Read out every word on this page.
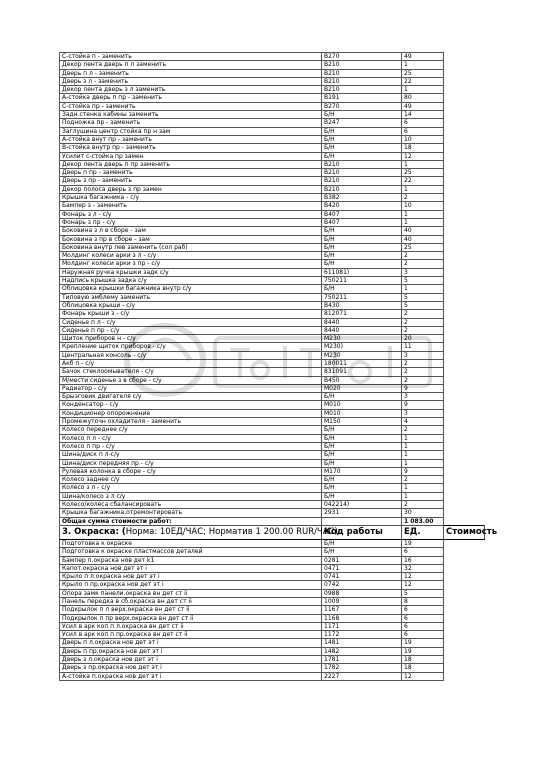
С-стойка п - заменить	B270	49	
Декор лента дверь п л заменить	B210	1	
Дверь п л - заменить	B210	25	
Дверь з л - заменить	B210	22	
Декор лента дверь з л заменить	B210	1	
А-стойка дверь п пр - заменить	B191	80	
С-стойка пр - заменить	B270	49	
Задн.стенка кабины заменить	Б/Н	14	
Подножка пр - заменить	B247	6	
Заглушина центр стойка пр н зам	Б/Н	6	
А-стойка внут пр - заменить	Б/Н	10	
В-стойка внутр пр - заменить	Б/Н	18	
Усилит с-стойка пр замен	Б/Н	12	
Декор лента дверь п пр заменить	B210	1	
Дверь п пр - заменить	B210	25	
Дверь з пр - заменить	B210	22	
Декор полоса дверь з пр замен	B210	1	
Крышка багажника - с/у	B382	2	
Бампер з - заменить	B420	10	
Фонарь з л - с/у	B407	1	
Фонарь з пр - с/у	B407	1	
Боковина з л в сборе - зам	Б/Н	40	
Боковина з пр в сборе - зам	Б/Н	40	
Боковина внутр лев заменить (сол раб)	Б/Н	25	
Молдинг колеси арки з л - с/у	Б/Н	2	
Молдинг колеси арки з пр - с/у	Б/Н	2	
Наружная ручка крышки задк с/у	611081)	3	
Надпись крышка задка с/у	750211	5	
Облицовка крышки багажника внутр с/у	Б/Н	1	
Типовую эмблему заменить	750211	5	
Облицовка крыши - с/у	B430	5	
Фонарь крыши з - с/у	812071	2	
Сиденье п л - с/у	8440	2	
Сиденье п пр - с/у	8440	2	
Щиток приборов н - с/у	M230	20	
Крепление щиток приборов - с/у	M230)	11	
Центральная консоль - с/у	M230	3	
Акб п - с/у	180011	2	
Бачок стеклоомывателя - с/у	831091	2	
М/мести сиденье з в сборе - с/у	B450	2	
Радиатор - с/у	M020	9	
Брызговик двигателя с/у	Б/Н	3	
Конденсатор - с/у	M010	9	
Кондиционер опорожнение	M010	3	
Промежуточн охладителя - заменить	M150	4	
Колесо переднее с/у	Б/Н	2	
Колесо п л - с/у	Б/Н	1	
Колесо п пр - с/у	Б/Н	1	
Шина/диск п л-с/у	Б/Н	1	
Шина/диск передняя пр - с/у	Б/Н	1	
Рулевая колонка в сборе - с/у	M170	9	
Колесо заднее с/у	Б/Н	2	
Колесо з л - с/у	Б/Н	1	
Шина/колесо з л с/у	Б/Н	1	
Колесо/колеса сбалансировать	042214)	2	
Крышка багажника.отремонтировать	2931	30	
Общая сумма стоимости работ:		1 083.00	
3. Окраска: (Норма: 10ЕД/ЧАС; Норматив 1 200.00 RUR/ЧАС)	Код работы	ЕД.	Стоимость
Подготовка к окраске	Б/Н	19	
Подготовка к окраске пластмассов деталей	Б/Н	6	
Бампер п.окраска нов дет k1	0281	16	
Капот.окраска нов дет эт i	0471	32	
Крыло п л.окраска нов дет эт i	0741	12	
Крыло п пр.окраска нов дет эт i	0742	12	
Опора замк панели.окраска вн дет ст ii	0988	5	
Панель передка в сб.окраска вн дет ст ii	1009	8	
Подкрылок п л верх.окраска вн дет ст ii	1167	6	
Подкрылок п пр верх.окраска вн дет ст ii	1168	6	
Усил в арк коп п л.окраска вн дет ст ii	1171	6	
Усил в арк коп п пр.окраска вн дет ст ii	1172	6	
Дверь п л.окраска нов дет эт i	1481	19	
Дверь п пр.окраска нов дет эт i	1482	19	
Дверь з л.окраска нов дет эт i	1781	18	
Дверь з пр.окраска нов дет эт i	1782	18	
А-стойка п.окраска нов дет эт i	2227	12	
